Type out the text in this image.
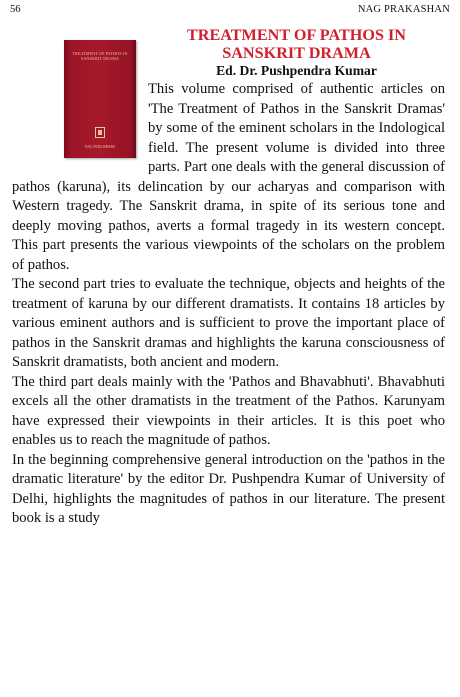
56	NAG PRAKASHAN
TREATMENT OF PATHOS IN SANSKRIT DRAMA
NAG PUBLISHERS
TREATMENT OF PATHOS IN
SANSKRIT DRAMA

Ed. Dr. Pushpendra Kumar

This volume comprised of authentic articles on 'The Treatment of Pathos in the Sanskrit Dramas' by some of the eminent scholars in the Indological field. The present volume is divided into three parts. Part one deals with the general discussion of pathos (karuna), its delincation by our acharyas and comparison with Western tragedy. The Sanskrit drama, in spite of its serious tone and deeply moving pathos, averts a formal tragedy in its western concept. This part presents the various viewpoints of the scholars on the problem of pathos.

The second part tries to evaluate the technique, objects and heights of the treatment of karuna by our different dramatists. It contains 18 articles by various eminent authors and is sufficient to prove the important place of pathos in the Sanskrit dramas and highlights the karuna consciousness of Sanskrit dramatists, both ancient and modern.

The third part deals mainly with the 'Pathos and Bhavabhuti'. Bhavabhuti excels all the other dramatists in the treatment of the Pathos. Karunyam have expressed their viewpoints in their articles. It is this poet who enables us to reach the magnitude of pathos.

In the beginning comprehensive general introduction on the 'pathos in the dramatic literature' by the editor Dr. Pushpendra Kumar of University of Delhi, highlights the magnitudes of pathos in our literature. The present book is a study
